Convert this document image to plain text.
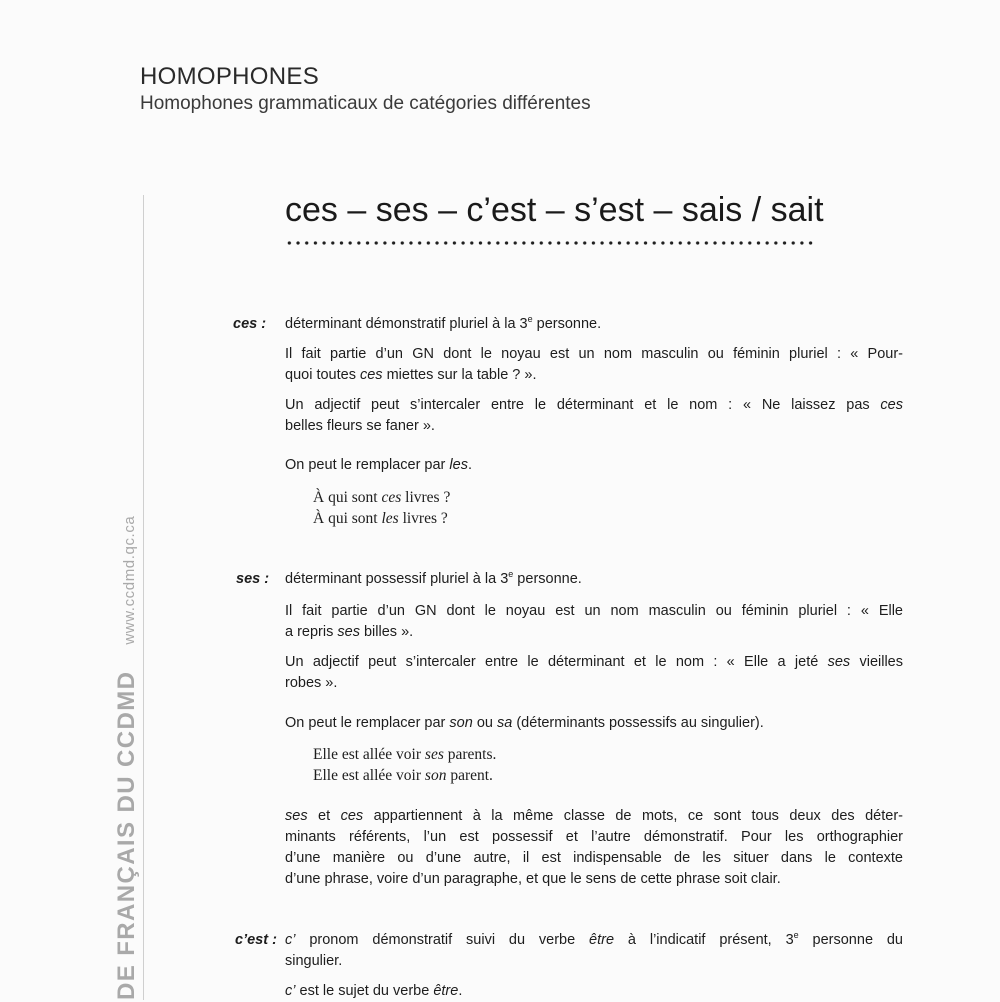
HOMOPHONES
Homophones grammaticaux de catégories différentes
DE FRANÇAIS DU CCDMDwww.ccdmd.qc.ca
ces – ses – c’est – s’est – sais / sait
ces : déterminant démonstratif pluriel à la 3e personne.
Il fait partie d’un GN dont le noyau est un nom masculin ou féminin pluriel : « Pour-
quoi toutes ces miettes sur la table ? ».
Un adjectif peut s’intercaler entre le déterminant et le nom : « Ne laissez pas ces
belles fleurs se faner ».
On peut le remplacer par les.
À qui sont ces livres ?
À qui sont les livres ?
ses : déterminant possessif pluriel à la 3e personne.
Il fait partie d’un GN dont le noyau est un nom masculin ou féminin pluriel : « Elle
a repris ses billes ».
Un adjectif peut s’intercaler entre le déterminant et le nom : « Elle a jeté ses vieilles
robes ».
On peut le remplacer par son ou sa (déterminants possessifs au singulier).
Elle est allée voir ses parents.
Elle est allée voir son parent.
ses et ces appartiennent à la même classe de mots, ce sont tous deux des déter-
minants référents, l’un est possessif et l’autre démonstratif. Pour les orthographier
d’une manière ou d’une autre, il est indispensable de les situer dans le contexte
d’une phrase, voire d’un paragraphe, et que le sens de cette phrase soit clair.
c’est : c’ pronom démonstratif suivi du verbe être à l’indicatif présent, 3e personne du
singulier.
c’ est le sujet du verbe être.
